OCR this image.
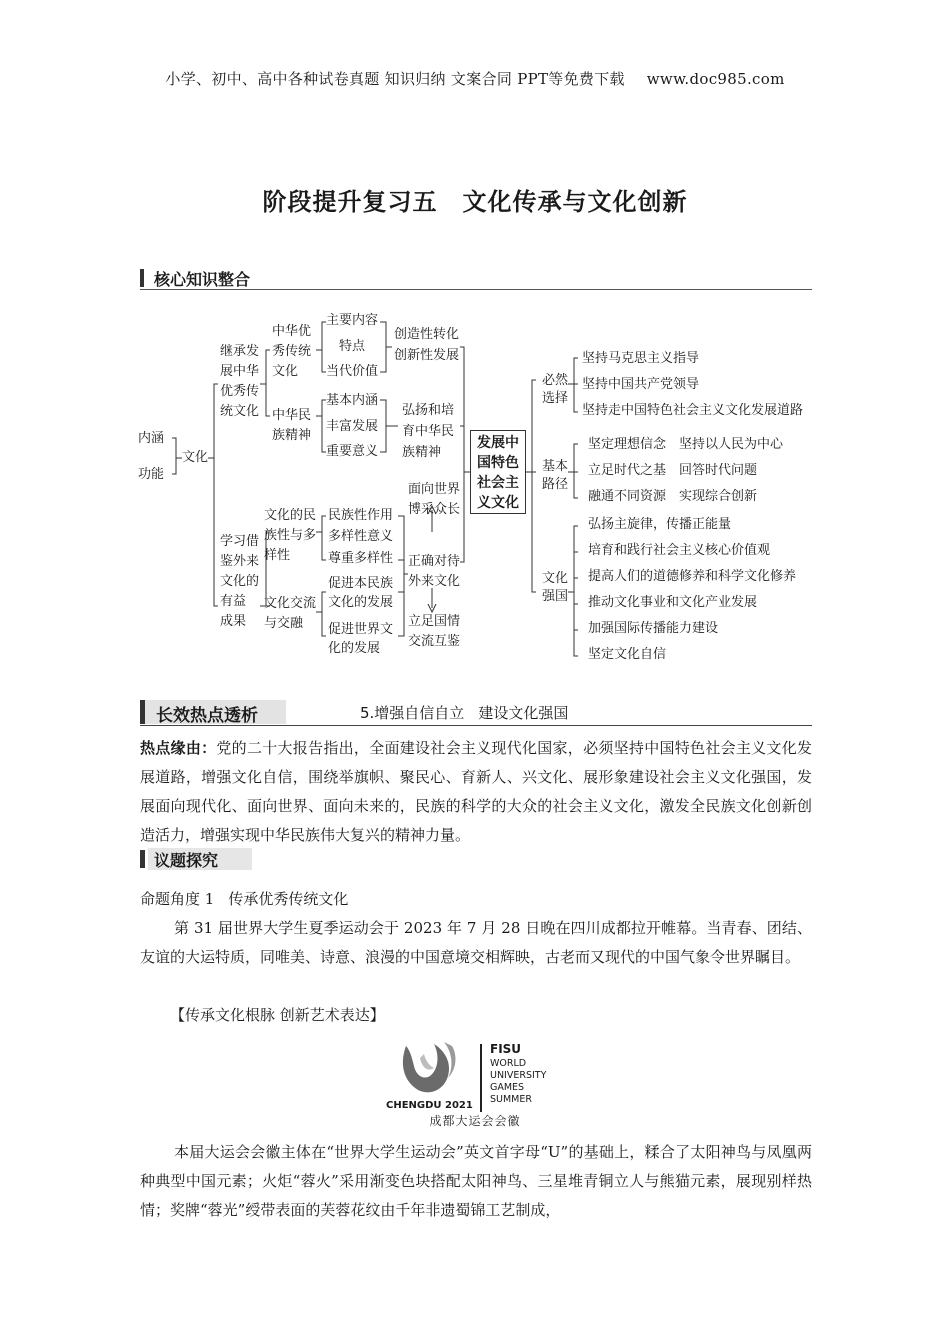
小学、初中、高中各种试卷真题 知识归纳 文案合同 PPT等免费下载 www.doc985.com
阶段提升复习五　文化传承与文化创新
核心知识整合
内涵
功能
文化
继承发
展中华
优秀传
统文化
学习借
鉴外来
文化的
有益
成果
中华优
秀传统
文化
主要内容
特点
当代价值
创造性转化
创新性发展
中华民
族精神
基本内涵
丰富发展
重要意义
弘扬和培
育中华民
族精神
文化的民
族性与多
样性
民族性作用
多样性意义
尊重多样性
文化交流
与交融
促进本民族
文化的发展
促进世界文
化的发展
面向世界
博采众长
正确对待
外来文化
立足国情
交流互鉴
发展中
国特色
社会主
义文化
必然
选择
坚持马克思主义指导
坚持中国共产党领导
坚持走中国特色社会主义文化发展道路
基本
路径
坚定理想信念　坚持以人民为中心
立足时代之基　回答时代问题
融通不同资源　实现综合创新
文化
强国
弘扬主旋律，传播正能量
培育和践行社会主义核心价值观
提高人们的道德修养和科学文化修养
推动文化事业和文化产业发展
加强国际传播能力建设
坚定文化自信
长效热点透析	5.增强自信自立 建设文化强国
热点缘由：党的二十大报告指出，全面建设社会主义现代化国家，必须坚持中国特色社会主义文化发展道路，增强文化自信，围绕举旗帜、聚民心、育新人、兴文化、展形象建设社会主义文化强国，发展面向现代化、面向世界、面向未来的，民族的科学的大众的社会主义文化，激发全民族文化创新创造活力，增强实现中华民族伟大复兴的精神力量。
议题探究
命题角度 1 传承优秀传统文化
第 31 届世界大学生夏季运动会于 2023 年 7 月 28 日晚在四川成都拉开帷幕。当青春、团结、友谊的大运特质，同唯美、诗意、浪漫的中国意境交相辉映，古老而又现代的中国气象令世界瞩目。
【传承文化根脉 创新艺术表达】
CHENGDU 2021
FISU
WORLD
UNIVERSITY
GAMES
SUMMER
成都大运会会徽
本届大运会会徽主体在“世界大学生运动会”英文首字母“U”的基础上，糅合了太阳神鸟与凤凰两种典型中国元素；火炬“蓉火”采用渐变色块搭配太阳神鸟、三星堆青铜立人与熊猫元素，展现别样热情；奖牌“蓉光”绶带表面的芙蓉花纹由千年非遗蜀锦工艺制成，
